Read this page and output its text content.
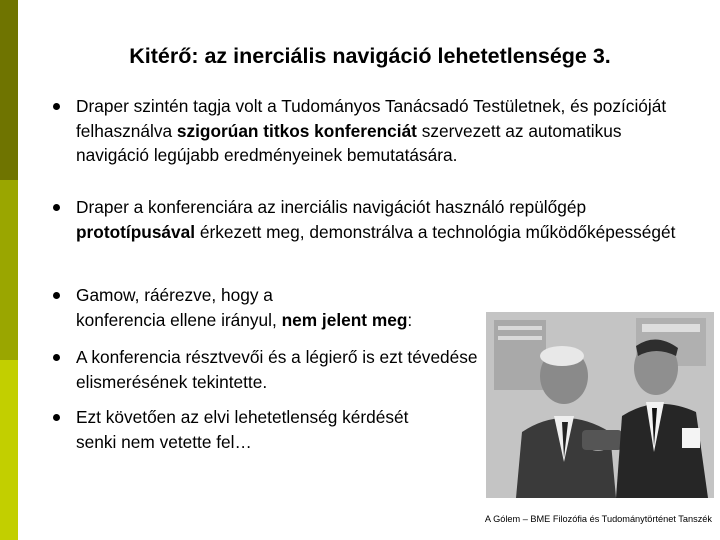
Kitérő: az inerciális navigáció lehetetlensége 3.
Draper szintén tagja volt a Tudományos Tanácsadó Testületnek, és pozícióját felhasználva szigorúan titkos konferenciát szervezett az automatikus navigáció legújabb eredményeinek bemutatására.
Draper a konferenciára az inerciális navigációt használó repülőgép prototípusával érkezett meg, demonstrálva a technológia működőképességét
Gamow, ráérezve, hogy a
konferencia ellene irányul, nem jelent meg:
A konferencia résztvevői és a légierő is ezt tévedése elismerésének tekintette.
Ezt követően az elvi lehetetlenség kérdését
senki nem vetette fel…
A Gólem – BME Filozófia és Tudománytörténet Tanszék
